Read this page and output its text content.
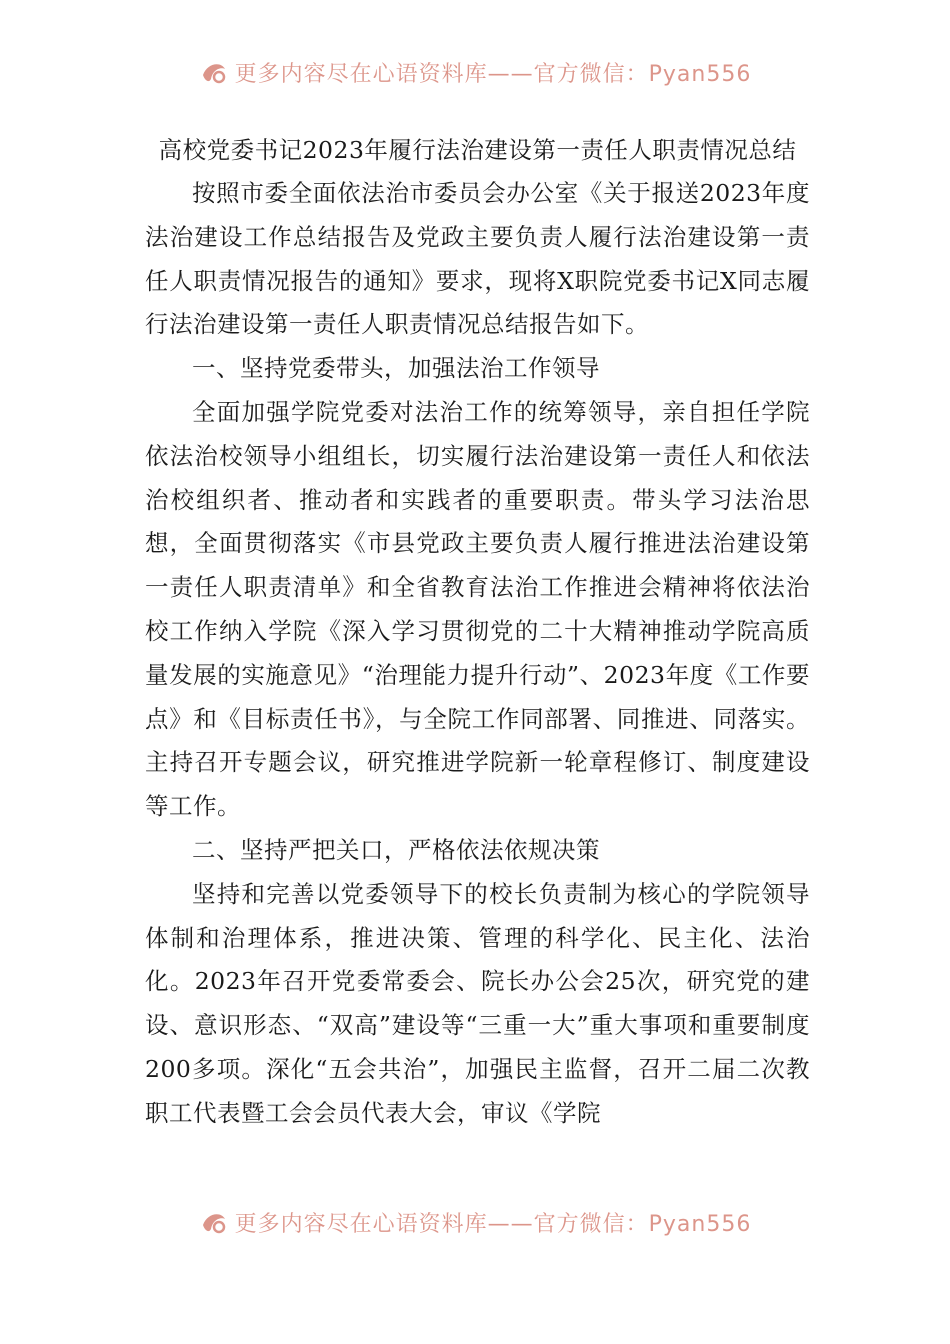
更多内容尽在心语资料库——官方微信：Pyan556
高校党委书记2023年履行法治建设第一责任人职责情况总结

按照市委全面依法治市委员会办公室《关于报送2023年度法治建设工作总结报告及党政主要负责人履行法治建设第一责任人职责情况报告的通知》要求，现将X职院党委书记X同志履行法治建设第一责任人职责情况总结报告如下。

一、坚持党委带头，加强法治工作领导

全面加强学院党委对法治工作的统筹领导，亲自担任学院依法治校领导小组组长，切实履行法治建设第一责任人和依法治校组织者、推动者和实践者的重要职责。带头学习法治思想，全面贯彻落实《市县党政主要负责人履行推进法治建设第一责任人职责清单》和全省教育法治工作推进会精神将依法治校工作纳入学院《深入学习贯彻党的二十大精神推动学院高质量发展的实施意见》“治理能力提升行动”、2023年度《工作要点》和《目标责任书》，与全院工作同部署、同推进、同落实。主持召开专题会议，研究推进学院新一轮章程修订、制度建设等工作。

二、坚持严把关口，严格依法依规决策

坚持和完善以党委领导下的校长负责制为核心的学院领导体制和治理体系，推进决策、管理的科学化、民主化、法治化。2023年召开党委常委会、院长办公会25次，研究党的建设、意识形态、“双高”建设等“三重一大”重大事项和重要制度200多项。深化“五会共治”，加强民主监督，召开二届二次教职工代表暨工会会员代表大会，审议《学院

更多内容尽在心语资料库——官方微信：Pyan556
